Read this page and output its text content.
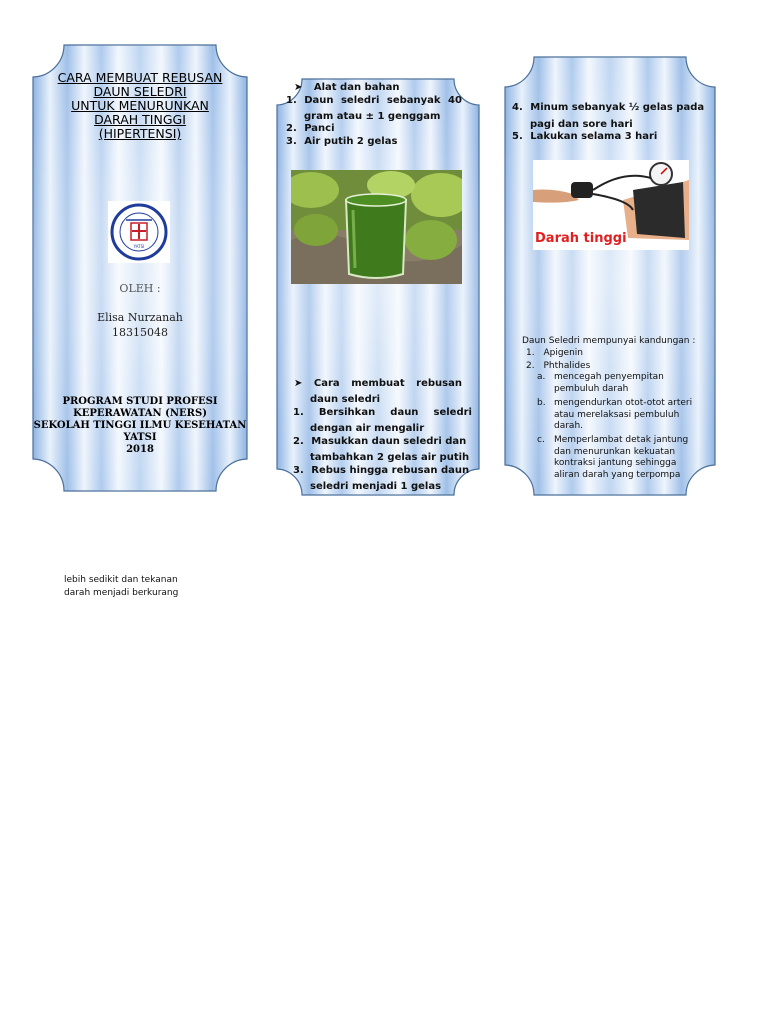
CARA MEMBUAT REBUSAN
DAUN SELEDRI
UNTUK MENURUNKAN
DARAH TINGGI
(HIPERTENSI)
YATSI
OLEH :
Elisa Nurzanah
18315048
PROGRAM STUDI PROFESI
KEPERAWATAN (NERS)
SEKOLAH TINGGI ILMU KESEHATAN
YATSI
2018
➤ Alat dan bahan
1. Daun seledri sebanyak 40
gram atau ± 1 genggam
2. Panci
3. Air putih 2 gelas
➤ Cara membuat rebusan
daun seledri
1. Bersihkan daun seledri
dengan air mengalir
2. Masukkan daun seledri dan
tambahkan 2 gelas air putih
3. Rebus hingga rebusan daun
seledri menjadi 1 gelas
4. Minum sebanyak ½ gelas pada
pagi dan sore hari
5. Lakukan selama 3 hari
Darah tinggi
Daun Seledri mempunyai kandungan :
1. Apigenin
2. Phthalides
a. mencegah penyempitan
pembuluh darah
b. mengendurkan otot-otot arteri
atau merelaksasi pembuluh
darah.
c. Memperlambat detak jantung
dan menurunkan kekuatan
kontraksi jantung sehingga
aliran darah yang terpompa
lebih sedikit dan tekanan
darah menjadi berkurang
